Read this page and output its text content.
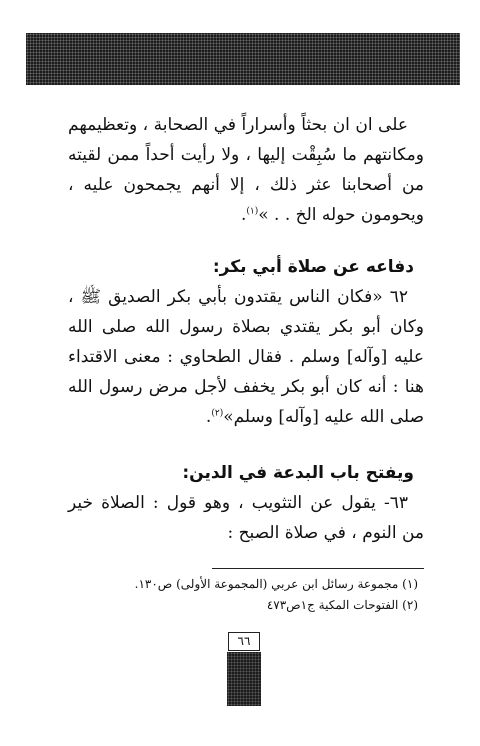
على ان ان بحثاً وأسراراً في الصحابة ، وتعظيمهم ومكانتهم ما سُبِقْت إليها ، ولا رأيت أحداً ممن لقيته من أصحابنا عثر ذلك ، إلا أنهم يجمحون عليه ، ويحومون حوله الخ . . »$^{(١)}$.

دفاعه عن صلاة أبي بكر:

٦٢ «فكان الناس يقتدون بأبي بكر الصديق ﷺ ، وكان أبو بكر يقتدي بصلاة رسول الله صلى الله عليه [وآله] وسلم . فقال الطحاوي : معنى الاقتداء هنا : أنه كان أبو بكر يخفف لأجل مرض رسول الله صلى الله عليه [وآله] وسلم»$^{(٢)}$.

ويفتح باب البدعة في الدين:

٦٣- يقول عن التثويب ، وهو قول : الصلاة خير من النوم ، في صلاة الصبح :

(١) مجموعة رسائل ابن عربي (المجموعة الأولى) ص١٣٠.

(٢) الفتوحات المكية ج١ص٤٧٣

٦٦
